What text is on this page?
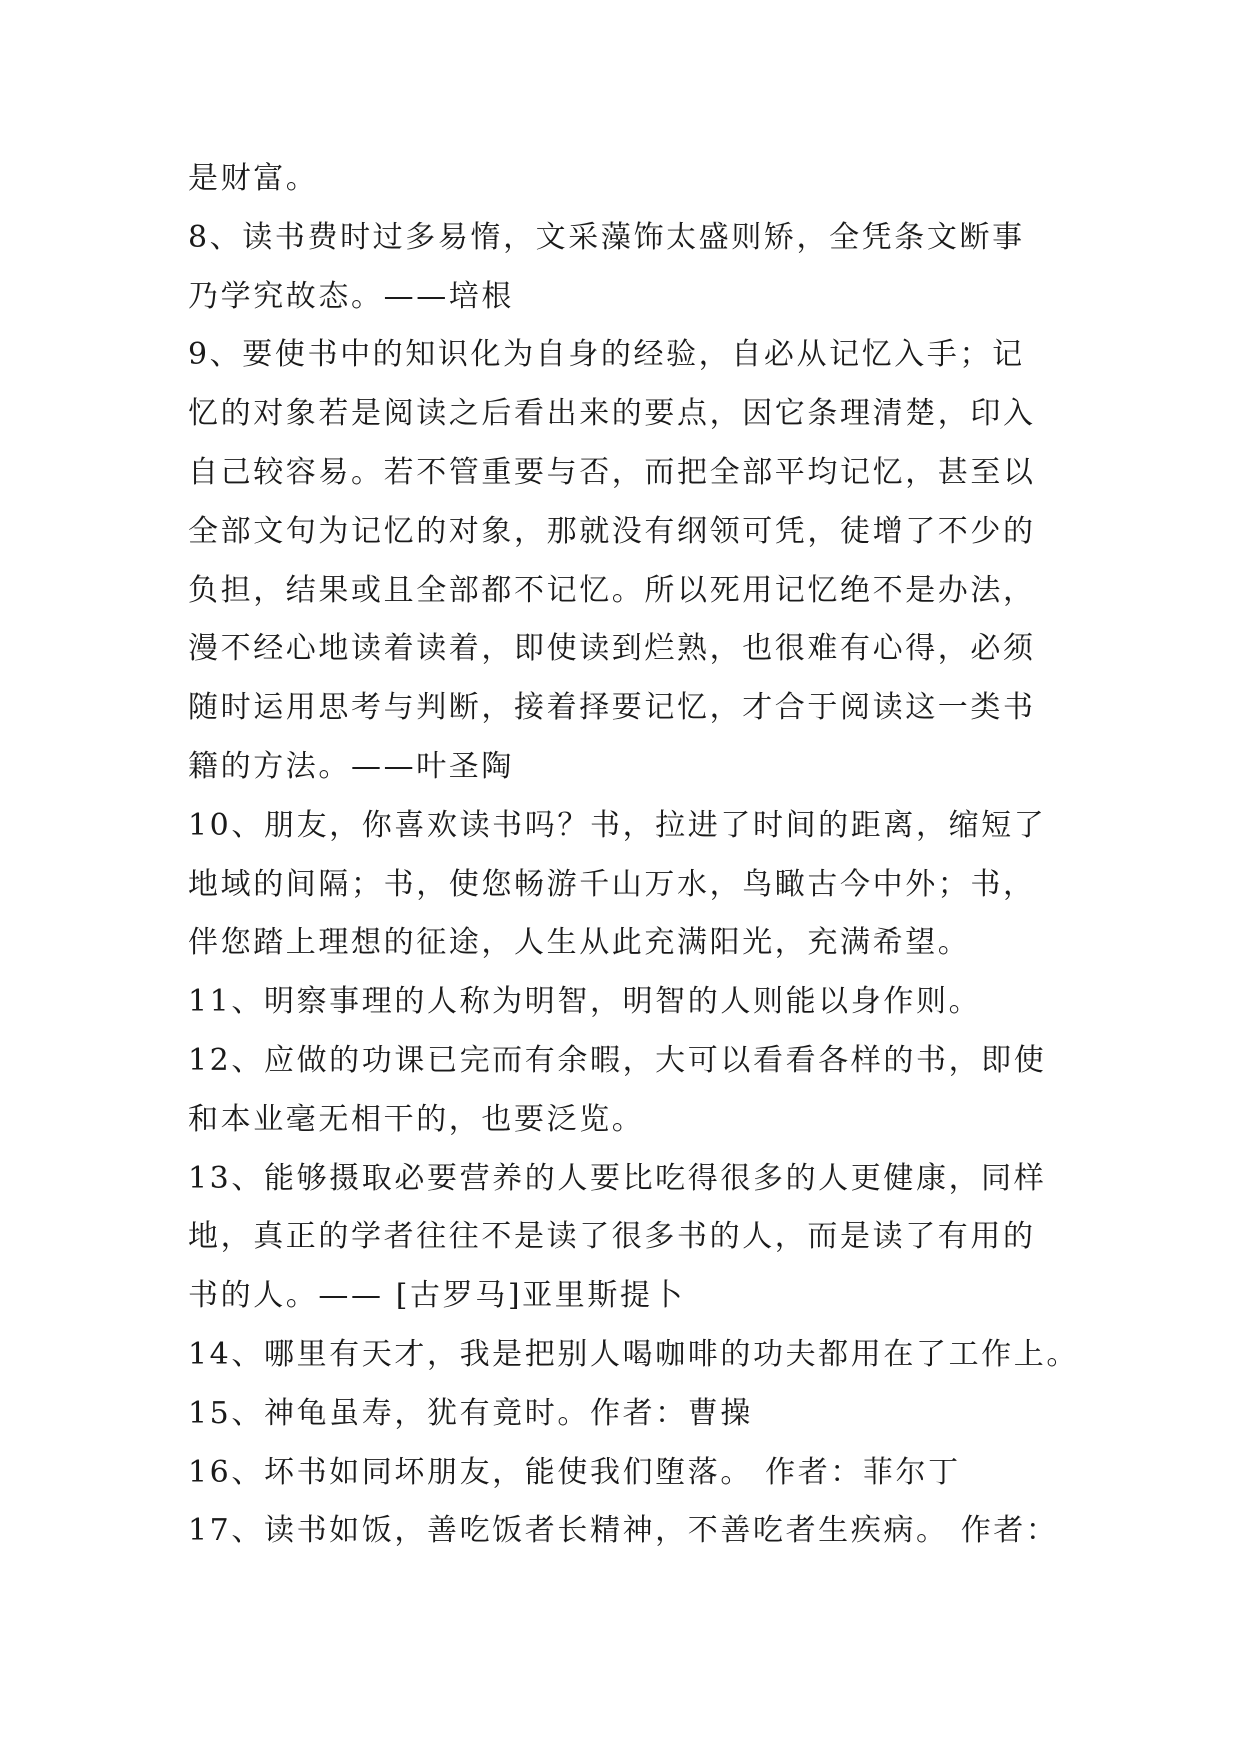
是财富。
8、读书费时过多易惰，文采藻饰太盛则矫，全凭条文断事
乃学究故态。——培根
9、要使书中的知识化为自身的经验，自必从记忆入手；记
忆的对象若是阅读之后看出来的要点，因它条理清楚，印入
自己较容易。若不管重要与否，而把全部平均记忆，甚至以
全部文句为记忆的对象，那就没有纲领可凭，徒增了不少的
负担，结果或且全部都不记忆。所以死用记忆绝不是办法，
漫不经心地读着读着，即使读到烂熟，也很难有心得，必须
随时运用思考与判断，接着择要记忆，才合于阅读这一类书
籍的方法。——叶圣陶
10、朋友，你喜欢读书吗？书，拉进了时间的距离，缩短了
地域的间隔；书，使您畅游千山万水，鸟瞰古今中外；书，
伴您踏上理想的征途，人生从此充满阳光，充满希望。
11、明察事理的人称为明智，明智的人则能以身作则。
12、应做的功课已完而有余暇，大可以看看各样的书，即使
和本业毫无相干的，也要泛览。
13、能够摄取必要营养的人要比吃得很多的人更健康，同样
地，真正的学者往往不是读了很多书的人，而是读了有用的
书的人。—— [古罗马]亚里斯提卜
14、哪里有天才，我是把别人喝咖啡的功夫都用在了工作上。
15、神龟虽寿，犹有竟时。作者：曹操
16、坏书如同坏朋友，能使我们堕落。 作者：菲尔丁
17、读书如饭，善吃饭者长精神，不善吃者生疾病。 作者：
